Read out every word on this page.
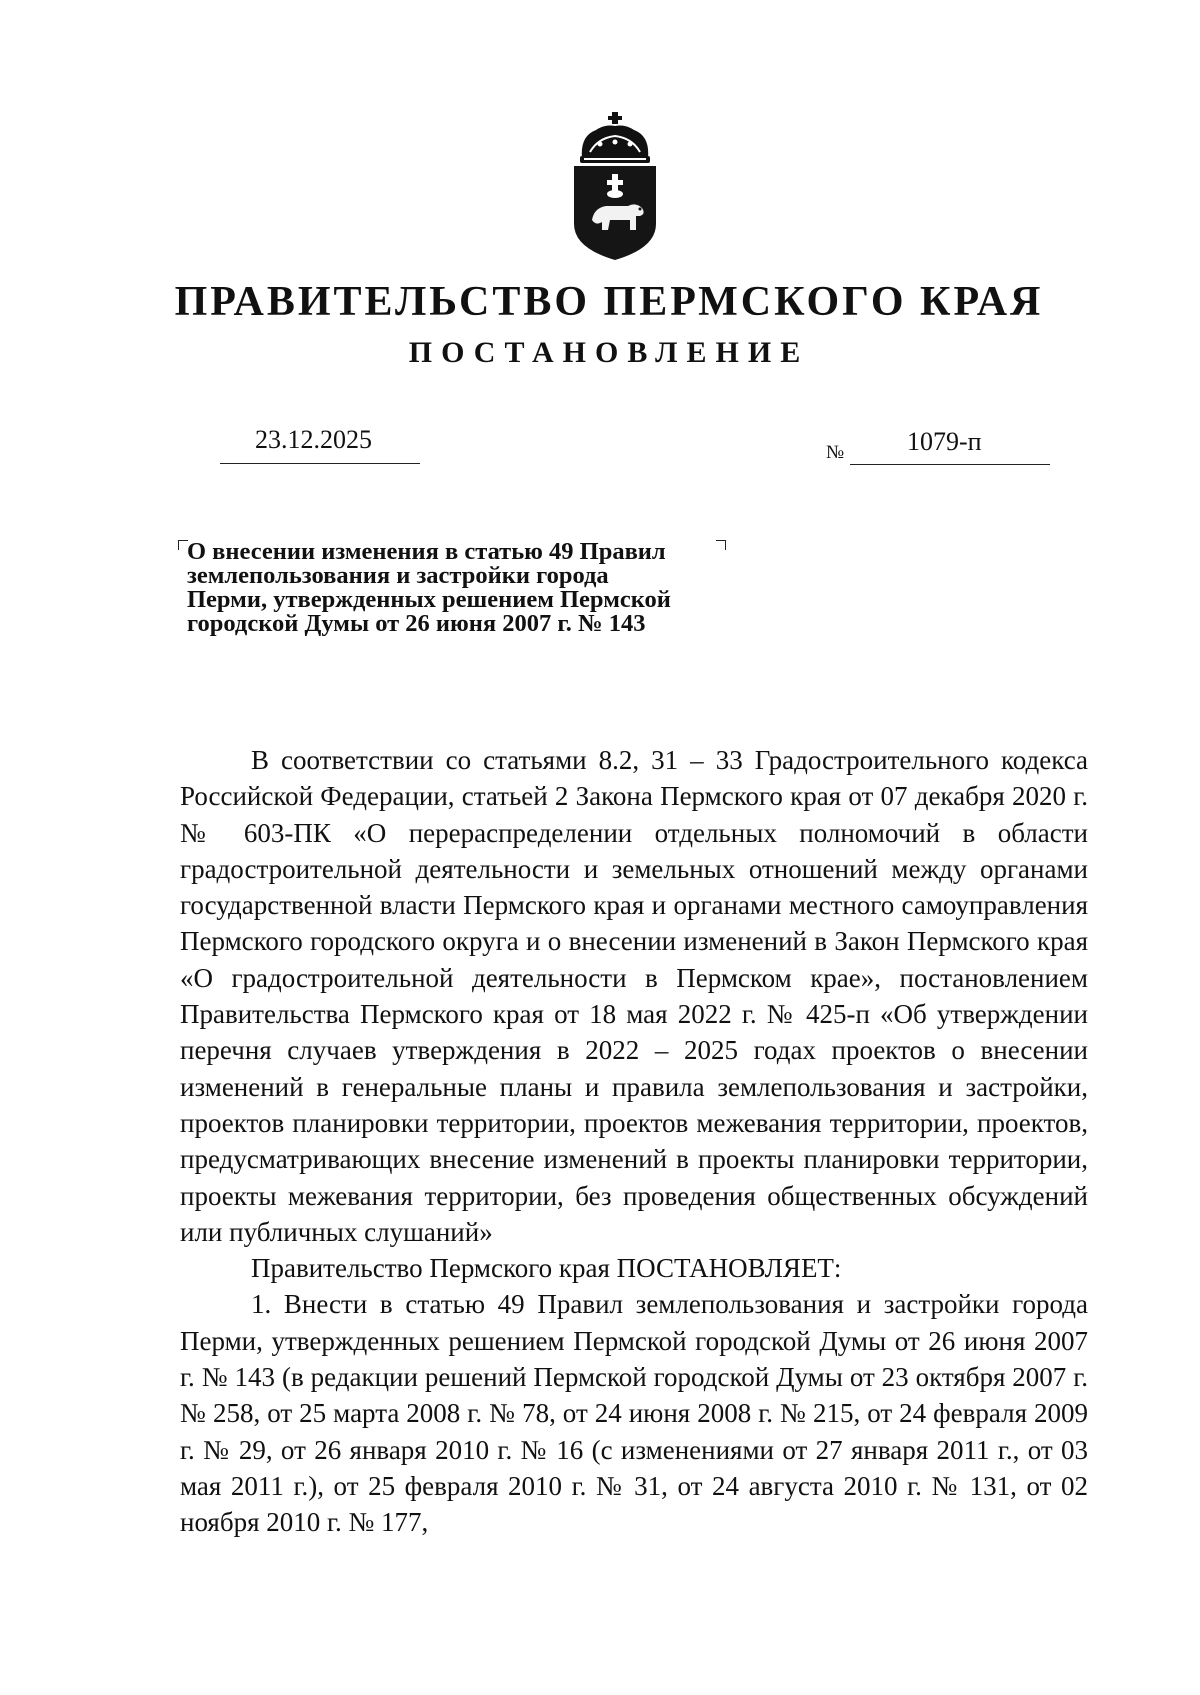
ПРАВИТЕЛЬСТВО ПЕРМСКОГО КРАЯ
ПОСТАНОВЛЕНИЕ
23.12.2025	№ 1079-п
О внесении изменения в статью 49 Правил
землепользования и застройки города
Перми, утвержденных решением Пермской
городской Думы от 26 июня 2007 г. № 143

В соответствии со статьями 8.2, 31 – 33 Градостроительного кодекса Российской Федерации, статьей 2 Закона Пермского края от 07 декабря 2020 г. № 603-ПК «О перераспределении отдельных полномочий в области градостроительной деятельности и земельных отношений между органами государственной власти Пермского края и органами местного самоуправления Пермского городского округа и о внесении изменений в Закон Пермского края «О градостроительной деятельности в Пермском крае», постановлением Правительства Пермского края от 18 мая 2022 г. № 425-п «Об утверждении перечня случаев утверждения в 2022 – 2025 годах проектов о внесении изменений в генеральные планы и правила землепользования и застройки, проектов планировки территории, проектов межевания территории, проектов, предусматривающих внесение изменений в проекты планировки территории, проекты межевания территории, без проведения общественных обсуждений или публичных слушаний»

Правительство Пермского края ПОСТАНОВЛЯЕТ:

1. Внести в статью 49 Правил землепользования и застройки города Перми, утвержденных решением Пермской городской Думы от 26 июня 2007 г. № 143 (в редакции решений Пермской городской Думы от 23 октября 2007 г. № 258, от 25 марта 2008 г. № 78, от 24 июня 2008 г. № 215, от 24 февраля 2009 г. № 29, от 26 января 2010 г. № 16 (с изменениями от 27 января 2011 г., от 03 мая 2011 г.), от 25 февраля 2010 г. № 31, от 24 августа 2010 г. № 131, от 02 ноября 2010 г. № 177,
